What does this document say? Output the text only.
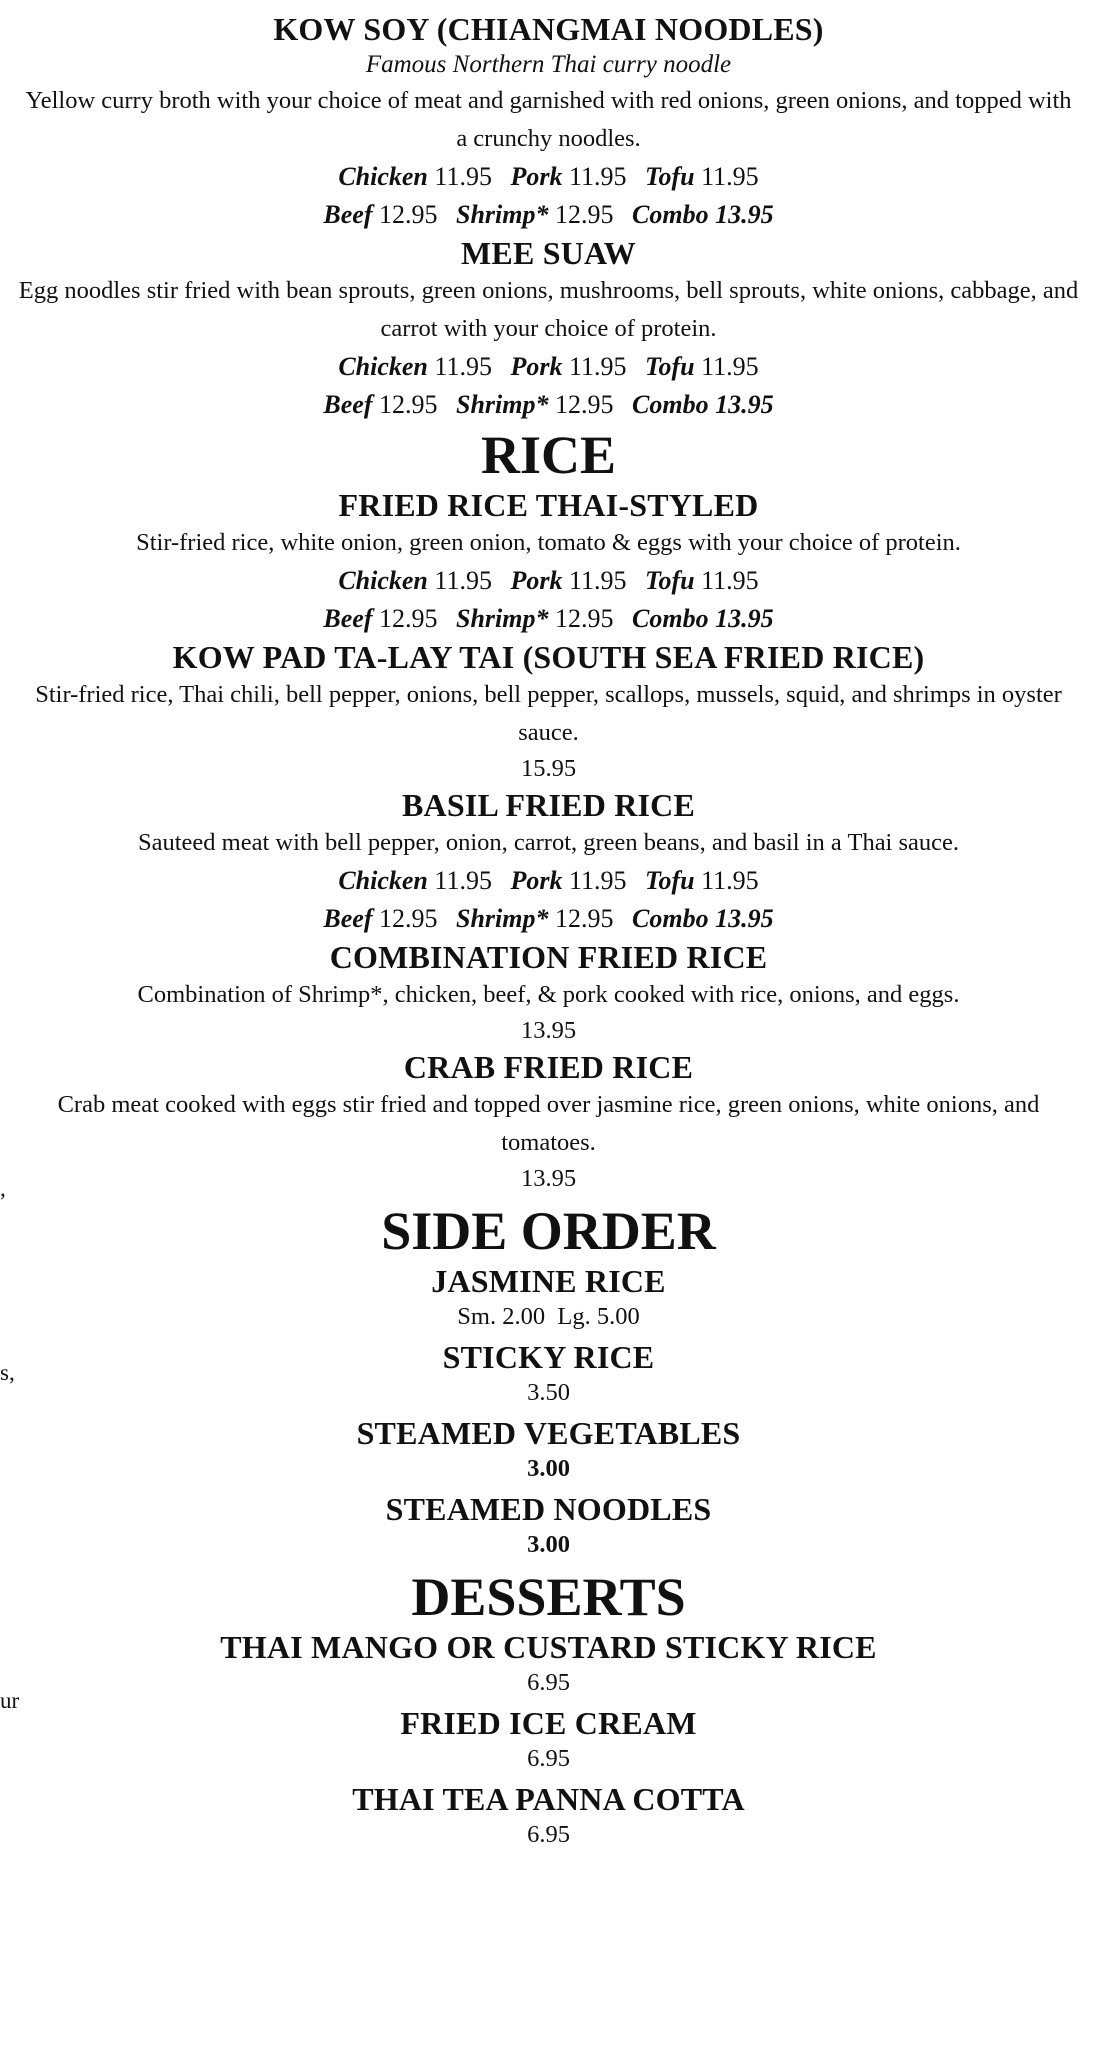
,
s,
ur
KOW SOY (CHIANGMAI NOODLES)

Famous Northern Thai curry noodle

Yellow curry broth with your choice of meat and garnished with red onions, green onions, and topped with a crunchy noodles.

Chicken 11.95 Pork 11.95 Tofu 11.95

Beef 12.95 Shrimp* 12.95 Combo 13.95

MEE SUAW

Egg noodles stir fried with bean sprouts, green onions, mushrooms, bell sprouts, white onions, cabbage, and carrot with your choice of protein.

Chicken 11.95 Pork 11.95 Tofu 11.95

Beef 12.95 Shrimp* 12.95 Combo 13.95

RICE
FRIED RICE THAI-STYLED

Stir-fried rice, white onion, green onion, tomato & eggs with your choice of protein.

Chicken 11.95 Pork 11.95 Tofu 11.95

Beef 12.95 Shrimp* 12.95 Combo 13.95

KOW PAD TA-LAY TAI (SOUTH SEA FRIED RICE)

Stir-fried rice, Thai chili, bell pepper, onions, bell pepper, scallops, mussels, squid, and shrimps in oyster sauce.

15.95

BASIL FRIED RICE

Sauteed meat with bell pepper, onion, carrot, green beans, and basil in a Thai sauce.

Chicken 11.95 Pork 11.95 Tofu 11.95

Beef 12.95 Shrimp* 12.95 Combo 13.95

COMBINATION FRIED RICE

Combination of Shrimp*, chicken, beef, & pork cooked with rice, onions, and eggs.

13.95

CRAB FRIED RICE

Crab meat cooked with eggs stir fried and topped over jasmine rice, green onions, white onions, and tomatoes.

13.95

SIDE ORDER
JASMINE RICE

Sm. 2.00  Lg. 5.00

STICKY RICE

3.50

STEAMED VEGETABLES

3.00

STEAMED NOODLES

3.00

DESSERTS
THAI MANGO OR CUSTARD STICKY RICE

6.95

FRIED ICE CREAM

6.95

THAI TEA PANNA COTTA

6.95
